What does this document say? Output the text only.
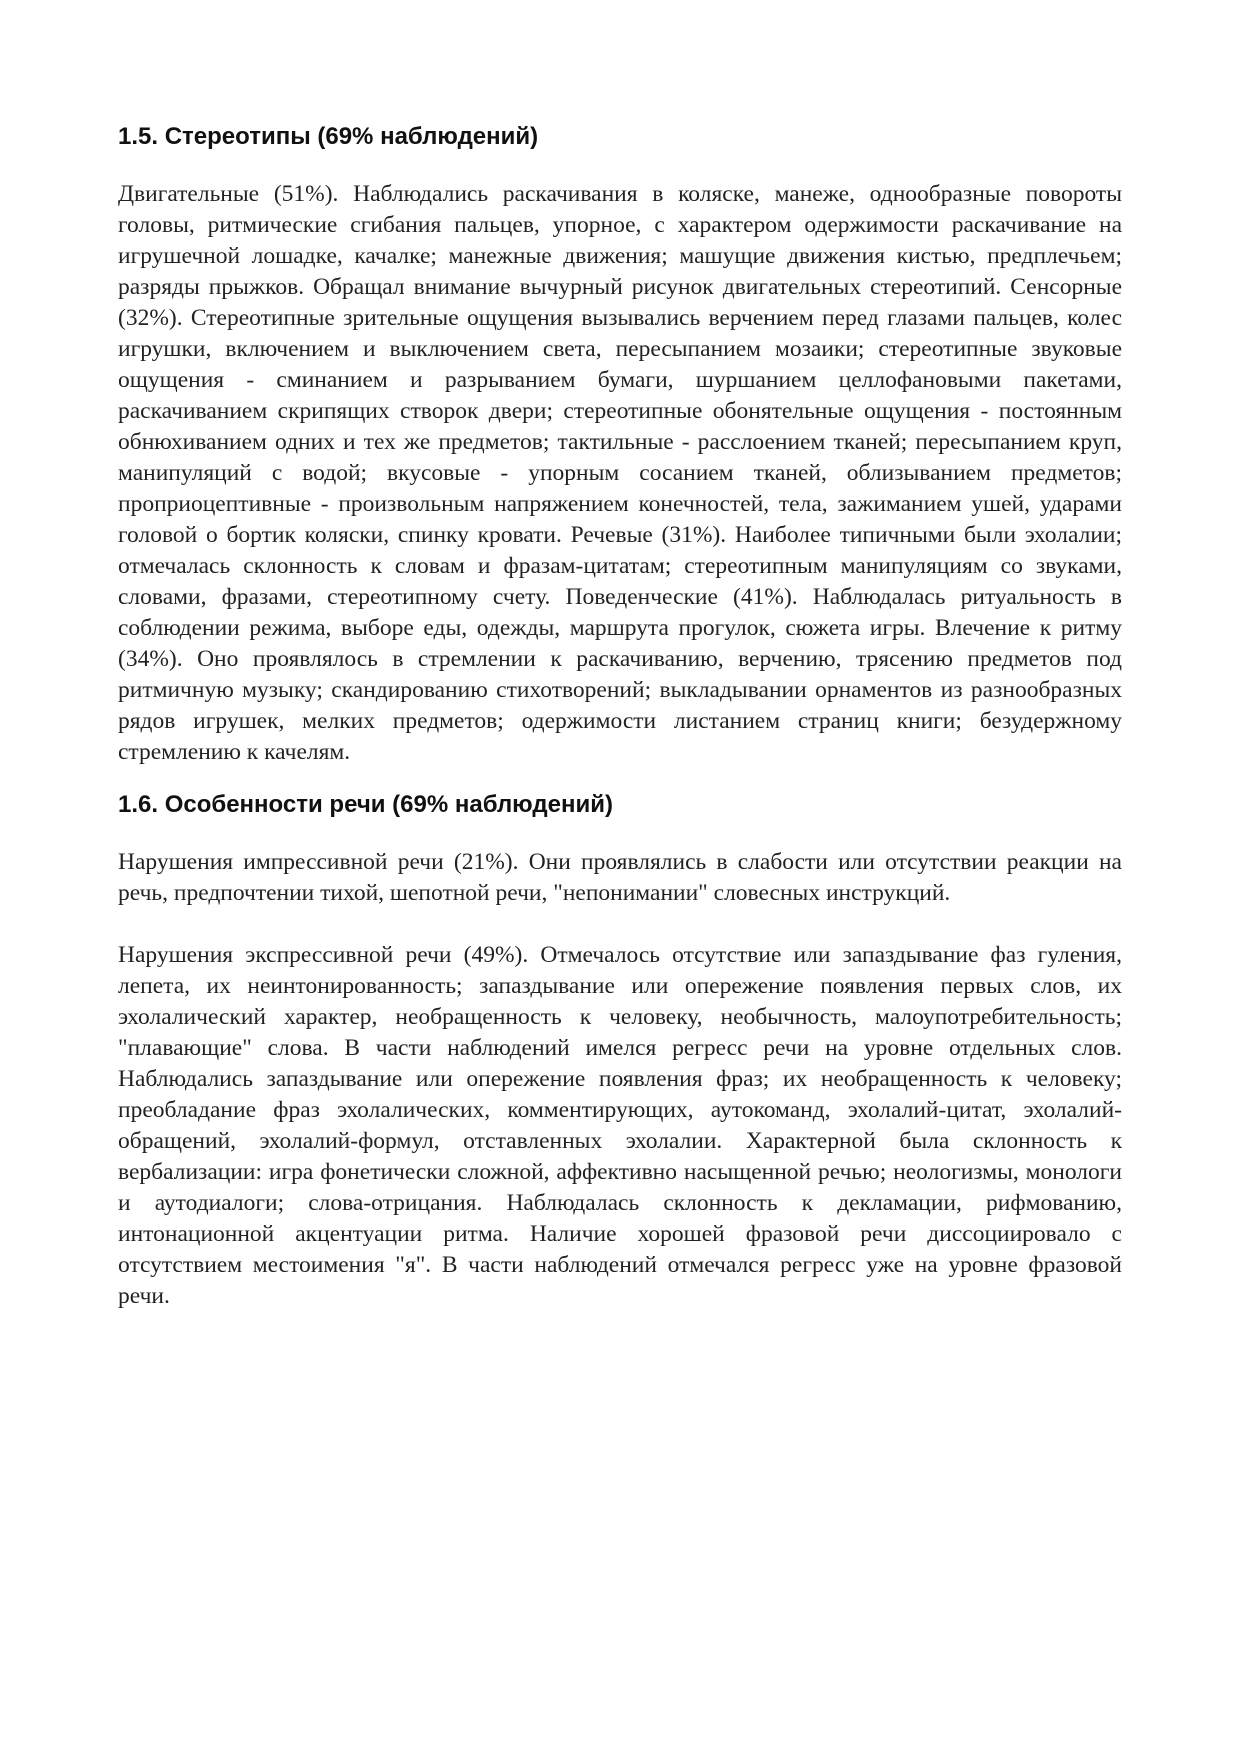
1.5. Стереотипы (69% наблюдений)

Двигательные (51%). Наблюдались раскачивания в коляске, манеже, однообразные повороты головы, ритмические сгибания пальцев, упорное, с характером одержимости раскачивание на игрушечной лошадке, качалке; манежные движения; машущие движения кистью, предплечьем; разряды прыжков. Обращал внимание вычурный рисунок двигательных стереотипий. Сенсорные (32%). Стереотипные зрительные ощущения вызывались верчением перед глазами пальцев, колес игрушки, включением и выключением света, пересыпанием мозаики; стереотипные звуковые ощущения - сминанием и разрыванием бумаги, шуршанием целлофановыми пакетами, раскачиванием скрипящих створок двери; стереотипные обонятельные ощущения - постоянным обнюхиванием одних и тех же предметов; тактильные - расслоением тканей; пересыпанием круп, манипуляций с водой; вкусовые - упорным сосанием тканей, облизыванием предметов; проприоцептивные - произвольным напряжением конечностей, тела, зажиманием ушей, ударами головой о бортик коляски, спинку кровати. Речевые (31%). Наиболее типичными были эхолалии; отмечалась склонность к словам и фразам-цитатам; стереотипным манипуляциям со звуками, словами, фразами, стереотипному счету. Поведенческие (41%). Наблюдалась ритуальность в соблюдении режима, выборе еды, одежды, маршрута прогулок, сюжета игры. Влечение к ритму (34%). Оно проявлялось в стремлении к раскачиванию, верчению, трясению предметов под ритмичную музыку; скандированию стихотворений; выкладывании орнаментов из разнообразных рядов игрушек, мелких предметов; одержимости листанием страниц книги; безудержному стремлению к качелям.

1.6. Особенности речи (69% наблюдений)

Нарушения импрессивной речи (21%). Они проявлялись в слабости или отсутствии реакции на речь, предпочтении тихой, шепотной речи, "непонимании" словесных инструкций.

Нарушения экспрессивной речи (49%). Отмечалось отсутствие или запаздывание фаз гуления, лепета, их неинтонированность; запаздывание или опережение появления первых слов, их эхолалический характер, необращенность к человеку, необычность, малоупотребительность; "плавающие" слова. В части наблюдений имелся регресс речи на уровне отдельных слов. Наблюдались запаздывание или опережение появления фраз; их необращенность к человеку; преобладание фраз эхолалических, комментирующих, аутокоманд, эхолалий-цитат, эхолалий-обращений, эхолалий-формул, отставленных эхолалии. Характерной была склонность к вербализации: игра фонетически сложной, аффективно насыщенной речью; неологизмы, монологи и аутодиалоги; слова-отрицания. Наблюдалась склонность к декламации, рифмованию, интонационной акцентуации ритма. Наличие хорошей фразовой речи диссоциировало с отсутствием местоимения "я". В части наблюдений отмечался регресс уже на уровне фразовой речи.
